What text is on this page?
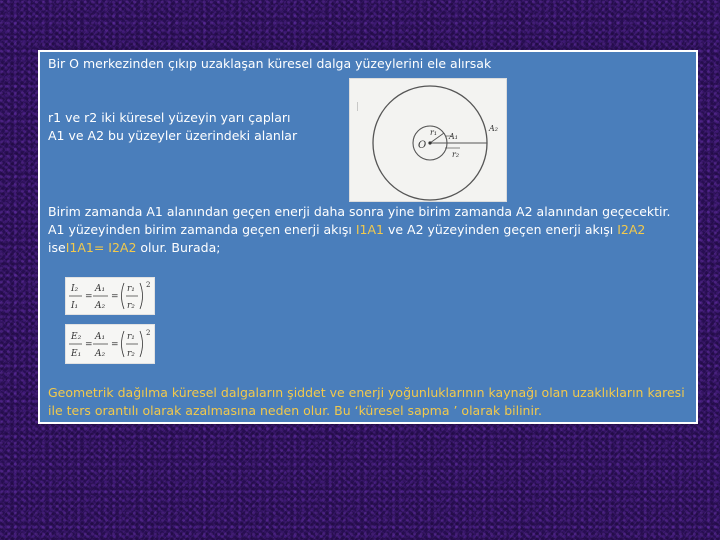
Bir O merkezinden çıkıp uzaklaşan küresel dalga yüzeylerini ele alırsak

O
r₁
r₂
A₁
A₂
|

r1 ve r2 iki küresel yüzeyin yarı çapları

A1 ve A2 bu yüzeyler üzerindeki alanlar

Birim zamanda A1 alanından geçen enerji daha sonra yine birim zamanda A2 alanından geçecektir. A1 yüzeyinden birim zamanda geçen enerji akışı I1A1 ve A2 yüzeyinden geçen enerji akışı I2A2 iseI1A1= I2A2 olur. Burada;

I₂
I₁
=
A₁
A₂
=
r₁
r₂
2
E₂
E₁
=
A₁
A₂
=
r₁
r₂
2

Geometrik dağılma küresel dalgaların şiddet ve enerji yoğunluklarının kaynağı olan uzaklıkların karesi ile ters orantılı olarak azalmasına neden olur. Bu ‘küresel sapma ’ olarak bilinir.
